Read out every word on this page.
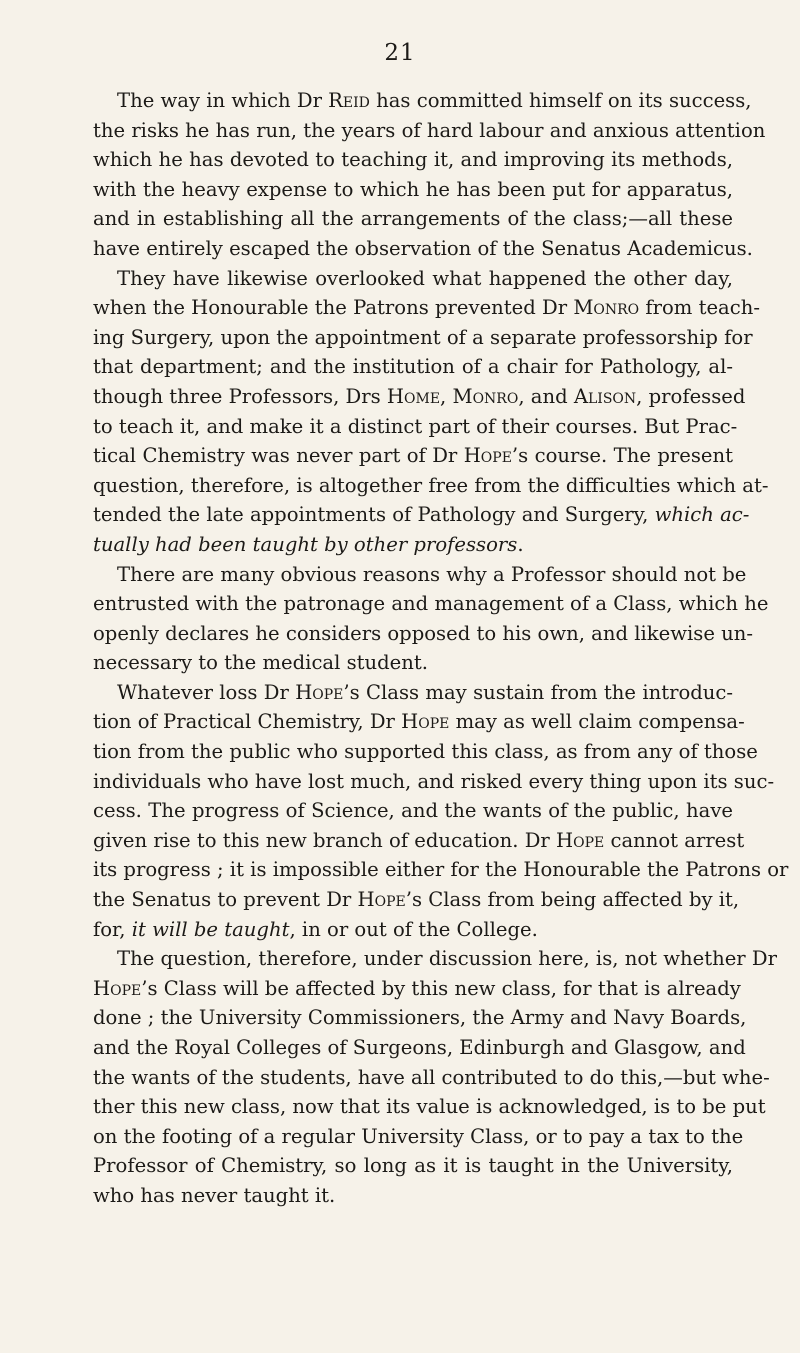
21
The way in which Dr Reid has committed himself on its success,
the risks he has run, the years of hard labour and anxious attention
which he has devoted to teaching it, and improving its methods,
with the heavy expense to which he has been put for apparatus,
and in establishing all the arrangements of the class;—all these
have entirely escaped the observation of the Senatus Academicus.
They have likewise overlooked what happened the other day,
when the Honourable the Patrons prevented Dr Monro from teach-
ing Surgery, upon the appointment of a separate professorship for
that department; and the institution of a chair for Pathology, al-
though three Professors, Drs Home, Monro, and Alison, professed
to teach it, and make it a distinct part of their courses. But Prac-
tical Chemistry was never part of Dr Hope’s course. The present
question, therefore, is altogether free from the difficulties which at-
tended the late appointments of Pathology and Surgery, which ac-
tually had been taught by other professors.
There are many obvious reasons why a Professor should not be
entrusted with the patronage and management of a Class, which he
openly declares he considers opposed to his own, and likewise un-
necessary to the medical student.
Whatever loss Dr Hope’s Class may sustain from the introduc-
tion of Practical Chemistry, Dr Hope may as well claim compensa-
tion from the public who supported this class, as from any of those
individuals who have lost much, and risked every thing upon its suc-
cess. The progress of Science, and the wants of the public, have
given rise to this new branch of education. Dr Hope cannot arrest
its progress ; it is impossible either for the Honourable the Patrons or
the Senatus to prevent Dr Hope’s Class from being affected by it,
for, it will be taught, in or out of the College.
The question, therefore, under discussion here, is, not whether Dr
Hope’s Class will be affected by this new class, for that is already
done ; the University Commissioners, the Army and Navy Boards,
and the Royal Colleges of Surgeons, Edinburgh and Glasgow, and
the wants of the students, have all contributed to do this,—but whe-
ther this new class, now that its value is acknowledged, is to be put
on the footing of a regular University Class, or to pay a tax to the
Professor of Chemistry, so long as it is taught in the University,
who has never taught it.
